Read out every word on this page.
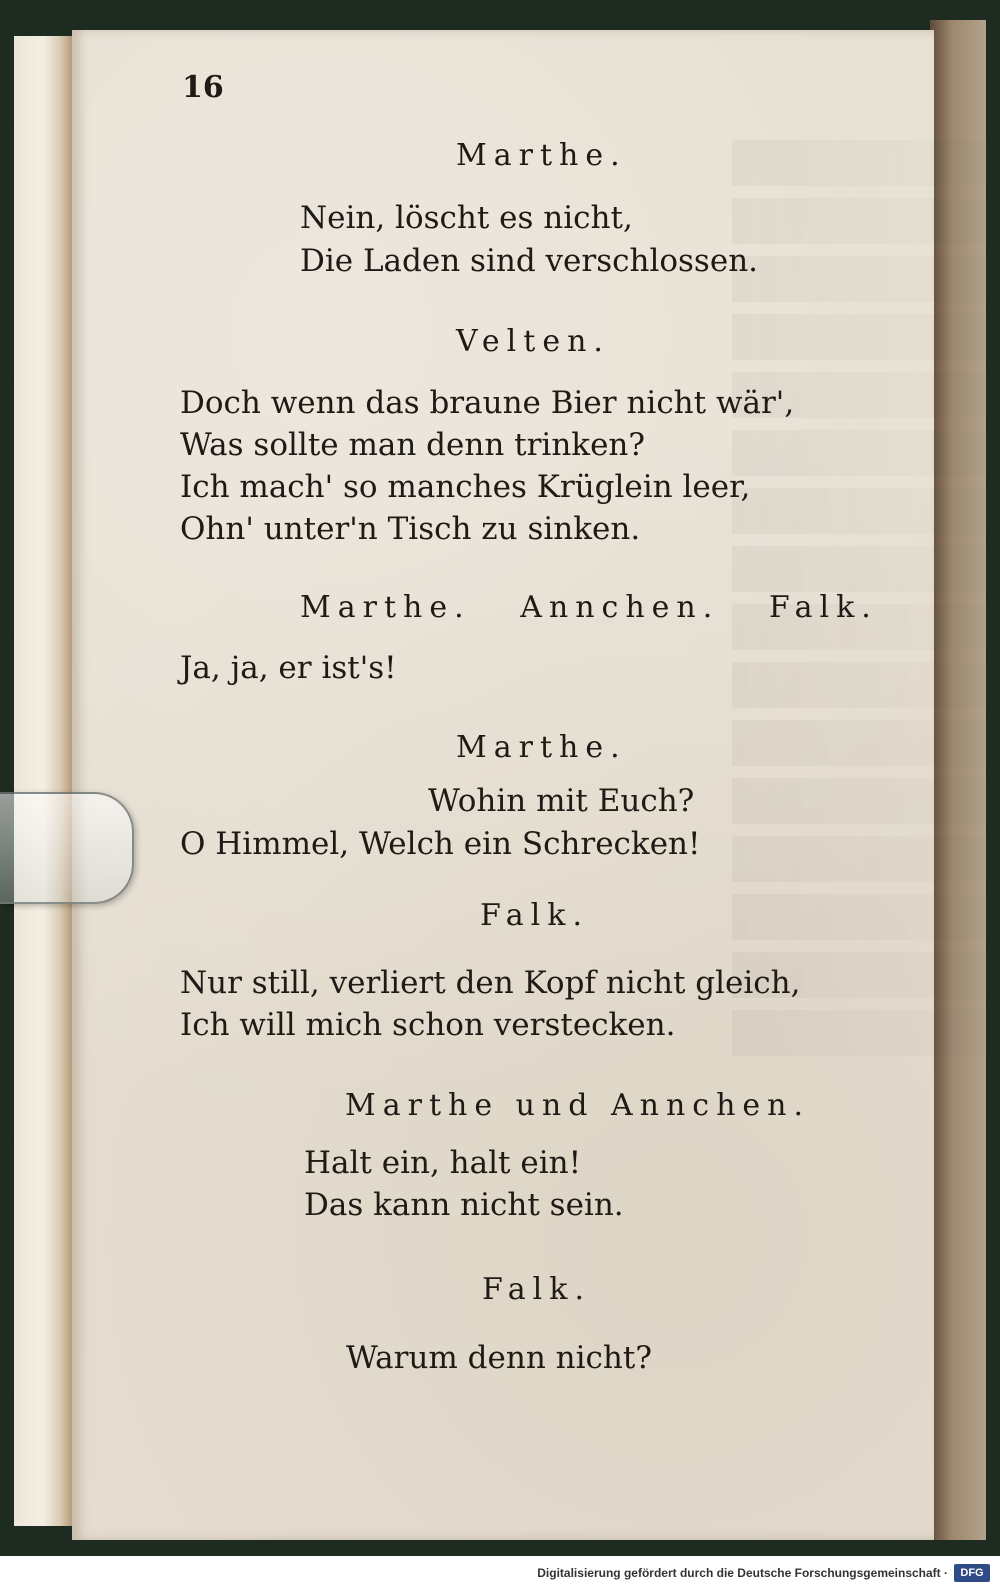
16
Marthe.
Nein, löscht es nicht,
Die Laden sind verschlossen.
Velten.
Doch wenn das braune Bier nicht wär',
Was sollte man denn trinken?
Ich mach' so manches Krüglein leer,
Ohn' unter'n Tisch zu sinken.
Marthe.   Annchen.   Falk.
Ja, ja, er ist's!
Marthe.
Wohin mit Euch?
O Himmel, Welch ein Schrecken!
Falk.
Nur still, verliert den Kopf nicht gleich,
Ich will mich schon verstecken.
Marthe und Annchen.
Halt ein, halt ein!
Das kann nicht sein.
Falk.
Warum denn nicht?
Digitalisierung gefördert durch die Deutsche Forschungsgemeinschaft ·	DFG
